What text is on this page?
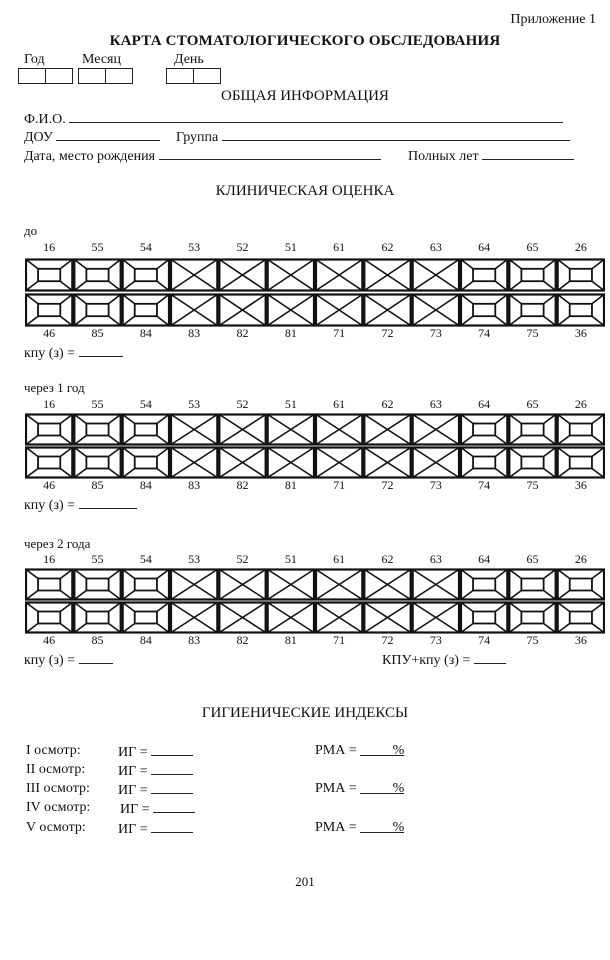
Приложение 1
КАРТА СТОМАТОЛОГИЧЕСКОГО ОБСЛЕДОВАНИЯ
Год	Месяц	День
ОБЩАЯ ИНФОРМАЦИЯ
Ф.И.О.
ДОУ	Группа
Дата, место рождения	Полных лет
КЛИНИЧЕСКАЯ ОЦЕНКА
до
16	55	54	53	52	51	61	62	63	64	65	26
46	85	84	83	82	81	71	72	73	74	75	36
кпу (з) =
через 1 год
16	55	54	53	52	51	61	62	63	64	65	26
46	85	84	83	82	81	71	72	73	74	75	36
кпу (з) =
через 2 года
16	55	54	53	52	51	61	62	63	64	65	26
46	85	84	83	82	81	71	72	73	74	75	36
кпу (з) =	КПУ+кпу (з) =
ГИГИЕНИЧЕСКИЕ ИНДЕКСЫ
I осмотр:	ИГ =	РМА =	%
II осмотр: ИГ =
III осмотр: ИГ =	РМА =	%
IV осмотр: ИГ =
V осмотр: ИГ =	РМА =	%
201
